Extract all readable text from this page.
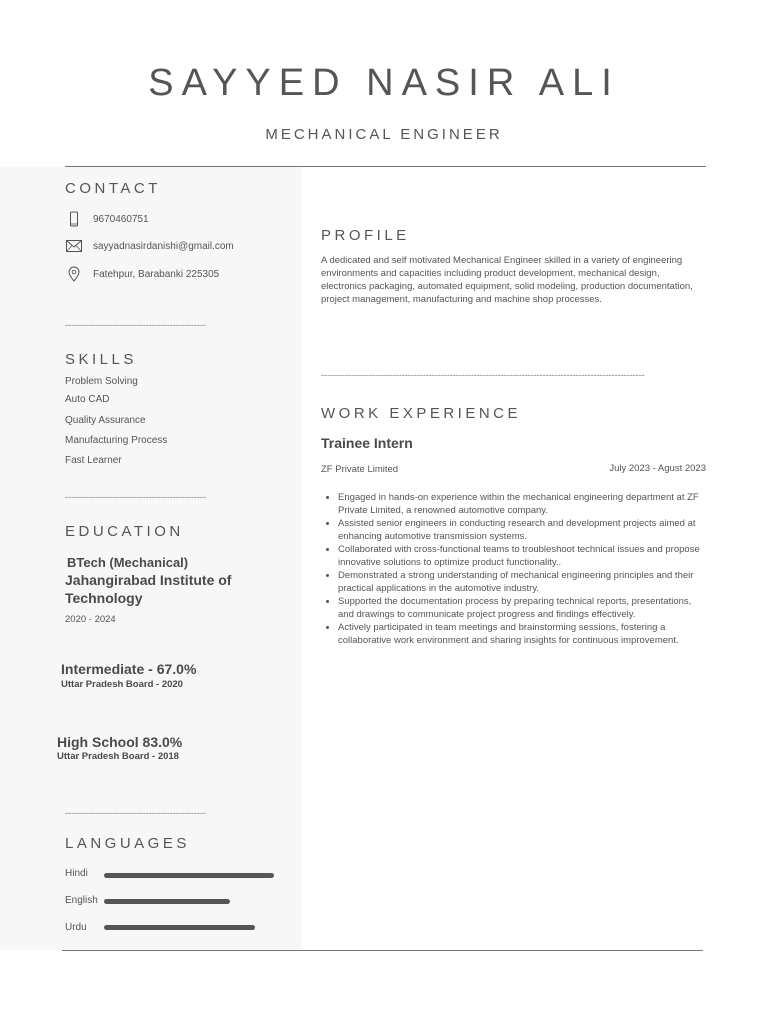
SAYYED NASIR ALI
MECHANICAL ENGINEER
CONTACT
9670460751
sayyadnasirdanishi@gmail.com
Fatehpur, Barabanki 225305
-----------------------------------------------
SKILLS
Problem Solving
Auto CAD
Quality Assurance
Manufacturing Process
Fast Learner
-----------------------------------------------
EDUCATION
BTech (Mechanical)
Jahangirabad Institute of Technology
2020 - 2024
Intermediate - 67.0%
Uttar Pradesh Board - 2020
High School 83.0%
Uttar Pradesh Board - 2018
-----------------------------------------------
LANGUAGES
Hindi
English
Urdu
PROFILE
A dedicated and self motivated Mechanical Engineer skilled in a variety of engineering environments and capacities including product development, mechanical design, electronics packaging, automated equipment, solid modeling, production documentation, project management, manufacturing and machine shop processes.
------------------------------------------------------------------------------------------------------------
WORK EXPERIENCE
Trainee Intern
ZF Private Limited	July 2023 - Agust 2023
• Engaged in hands-on experience within the mechanical engineering department at ZF Private Limited, a renowned automotive company.
• Assisted senior engineers in conducting research and development projects aimed at enhancing automotive transmission systems.
• Collaborated with cross-functional teams to troubleshoot technical issues and propose innovative solutions to optimize product functionality..
• Demonstrated a strong understanding of mechanical engineering principles and their practical applications in the automotive industry.
• Supported the documentation process by preparing technical reports, presentations, and drawings to communicate project progress and findings effectively.
• Actively participated in team meetings and brainstorming sessions, fostering a collaborative work environment and sharing insights for continuous improvement.
